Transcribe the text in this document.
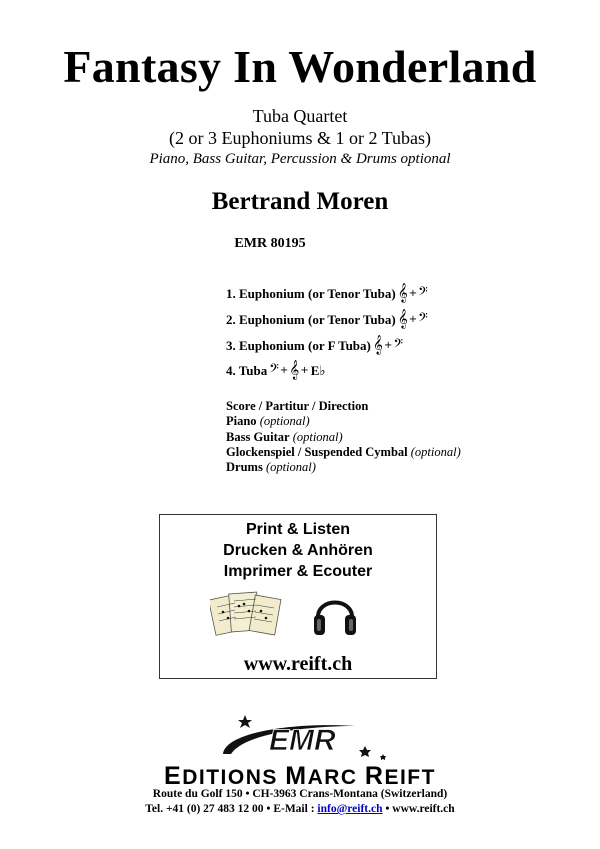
Fantasy In Wonderland
Tuba Quartet
(2 or 3 Euphoniums & 1 or 2 Tubas)
Piano, Bass Guitar, Percussion & Drums optional
Bertrand Moren
EMR 80195
1. Euphonium (or Tenor Tuba) 𝄞 + 𝄢
2. Euphonium (or Tenor Tuba) 𝄞 + 𝄢
3. Euphonium (or F Tuba) 𝄞 + 𝄢
4. Tuba 𝄢 + 𝄞 + E♭
Score / Partitur / Direction
Piano (optional)
Bass Guitar (optional)
Glockenspiel / Suspended Cymbal (optional)
Drums (optional)
Print & Listen
Drucken & Anhören
Imprimer & Ecouter
www.reift.ch
EMR
EDITIONS MARC REIFT
Route du Golf 150 • CH-3963 Crans-Montana (Switzerland)
Tel. +41 (0) 27 483 12 00 • E-Mail : info@reift.ch • www.reift.ch
